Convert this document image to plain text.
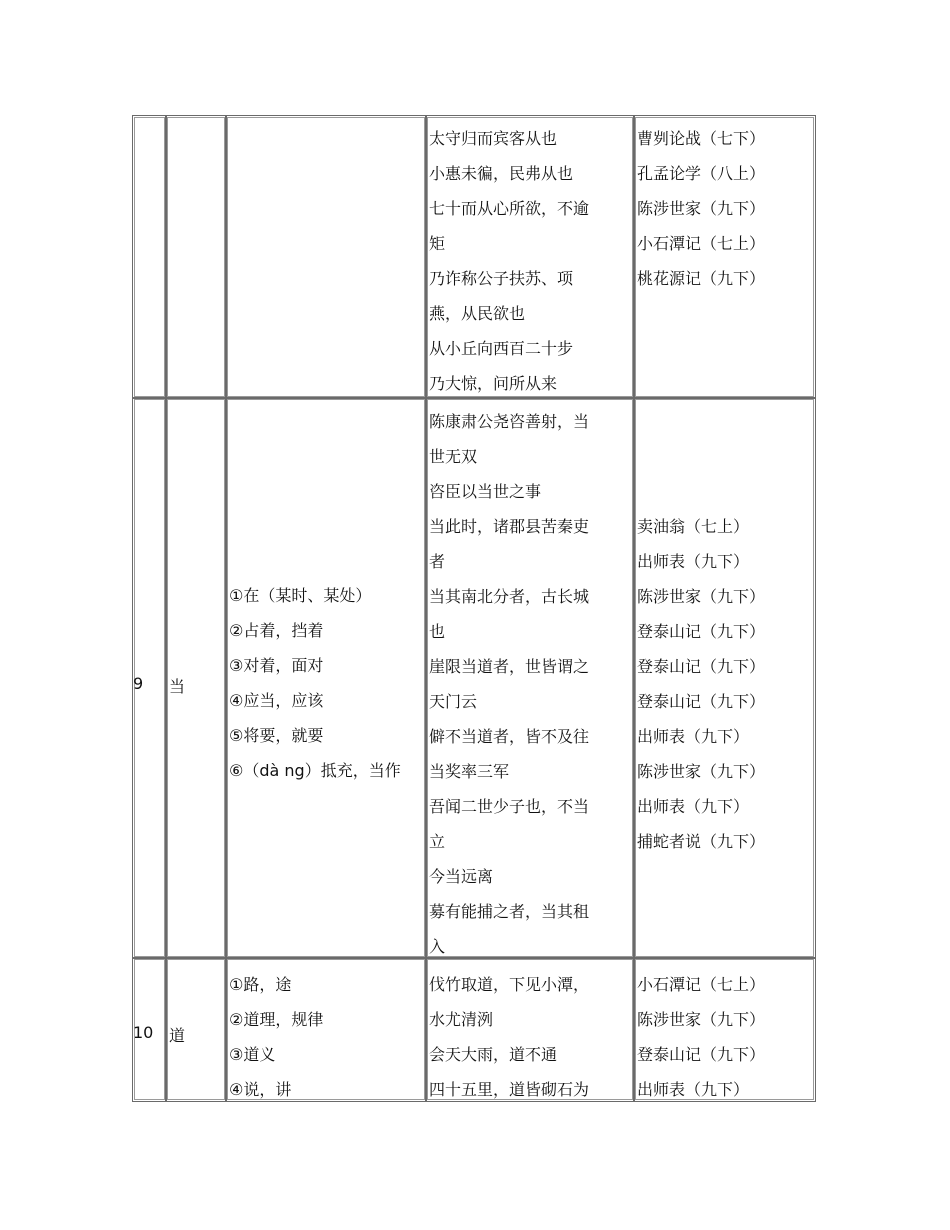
太守归而宾客从也
小惠未徧，民弗从也
七十而从心所欲，不逾
矩
乃诈称公子扶苏、项
燕，从民欲也
从小丘向西百二十步
乃大惊，问所从来
曹刿论战（七下）
孔孟论学（八上）
陈涉世家（九下）
小石潭记（七上）
桃花源记（九下）
9 当
①在（某时、某处）
②占着，挡着
③对着，面对
④应当，应该
⑤将要，就要
⑥（dà ng）抵充，当作
陈康肃公尧咨善射，当
世无双
咨臣以当世之事
当此时，诸郡县苦秦吏
者
当其南北分者，古长城
也
崖限当道者，世皆谓之
天门云
僻不当道者，皆不及往
当奖率三军
吾闻二世少子也，不当
立
今当远离
募有能捕之者，当其租
入
卖油翁（七上）
出师表（九下）
陈涉世家（九下）
登泰山记（九下）
登泰山记（九下）
登泰山记（九下）
出师表（九下）
陈涉世家（九下）
出师表（九下）
捕蛇者说（九下）
10 道
①路，途
②道理，规律
③道义
④说，讲
伐竹取道，下见小潭，
水尤清洌
会天大雨，道不通
四十五里，道皆砌石为
小石潭记（七上）
陈涉世家（九下）
登泰山记（九下）
出师表（九下）
